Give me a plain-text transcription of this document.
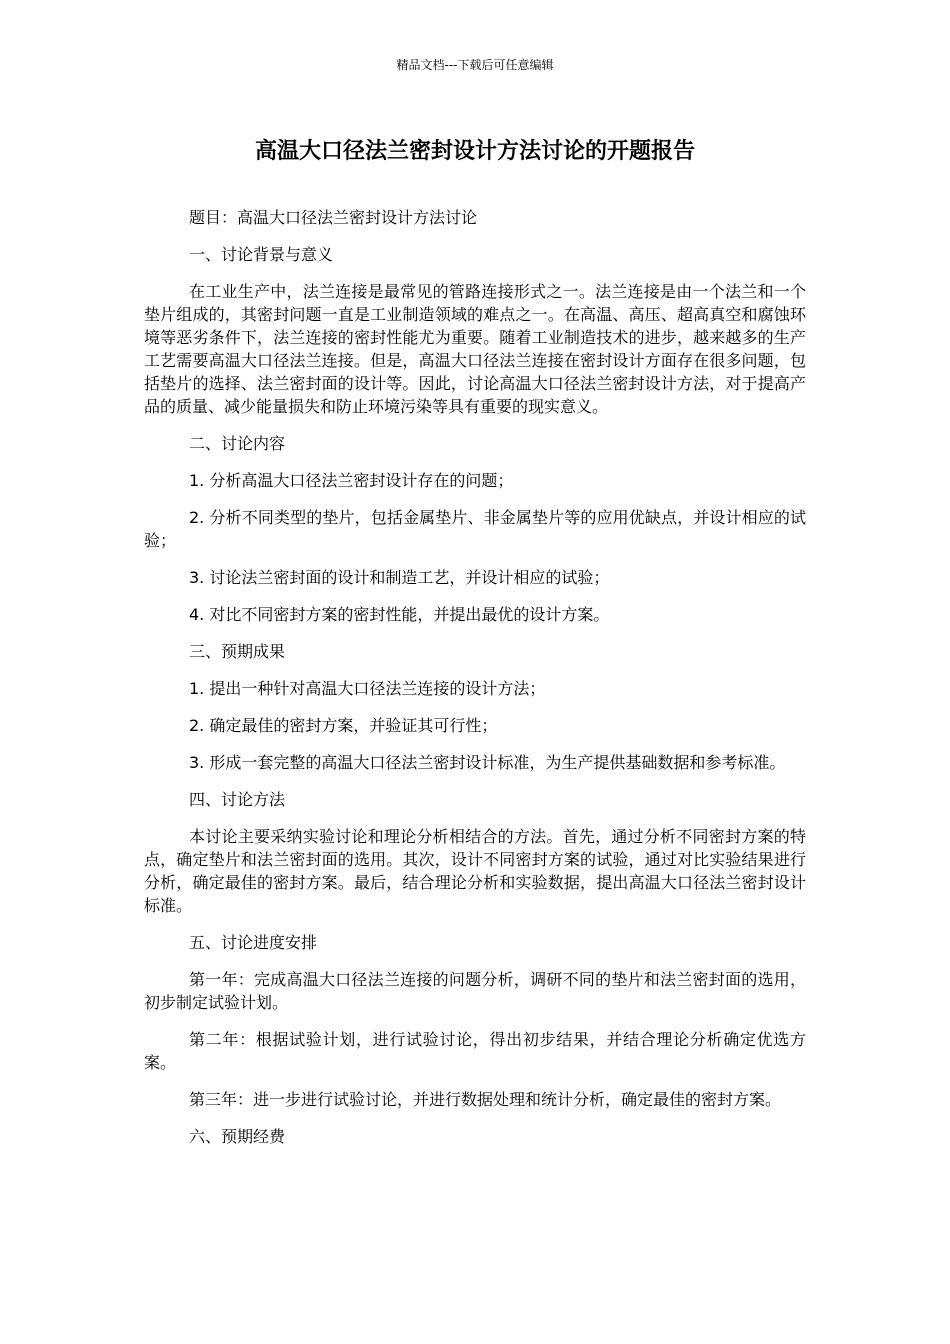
精品文档---下载后可任意编辑
高温大口径法兰密封设计方法讨论的开题报告

题目：高温大口径法兰密封设计方法讨论

一、讨论背景与意义

在工业生产中，法兰连接是最常见的管路连接形式之一。法兰连接是由一个法兰和一个垫片组成的，其密封问题一直是工业制造领域的难点之一。在高温、高压、超高真空和腐蚀环境等恶劣条件下，法兰连接的密封性能尤为重要。随着工业制造技术的进步，越来越多的生产工艺需要高温大口径法兰连接。但是，高温大口径法兰连接在密封设计方面存在很多问题，包括垫片的选择、法兰密封面的设计等。因此，讨论高温大口径法兰密封设计方法，对于提高产品的质量、减少能量损失和防止环境污染等具有重要的现实意义。

二、讨论内容

1. 分析高温大口径法兰密封设计存在的问题；

2. 分析不同类型的垫片，包括金属垫片、非金属垫片等的应用优缺点，并设计相应的试验；

3. 讨论法兰密封面的设计和制造工艺，并设计相应的试验；

4. 对比不同密封方案的密封性能，并提出最优的设计方案。

三、预期成果

1. 提出一种针对高温大口径法兰连接的设计方法；

2. 确定最佳的密封方案，并验证其可行性；

3. 形成一套完整的高温大口径法兰密封设计标准，为生产提供基础数据和参考标准。

四、讨论方法

本讨论主要采纳实验讨论和理论分析相结合的方法。首先，通过分析不同密封方案的特点，确定垫片和法兰密封面的选用。其次，设计不同密封方案的试验，通过对比实验结果进行分析，确定最佳的密封方案。最后，结合理论分析和实验数据，提出高温大口径法兰密封设计标准。

五、讨论进度安排

第一年：完成高温大口径法兰连接的问题分析，调研不同的垫片和法兰密封面的选用，初步制定试验计划。

第二年：根据试验计划，进行试验讨论，得出初步结果，并结合理论分析确定优选方案。

第三年：进一步进行试验讨论，并进行数据处理和统计分析，确定最佳的密封方案。

六、预期经费
